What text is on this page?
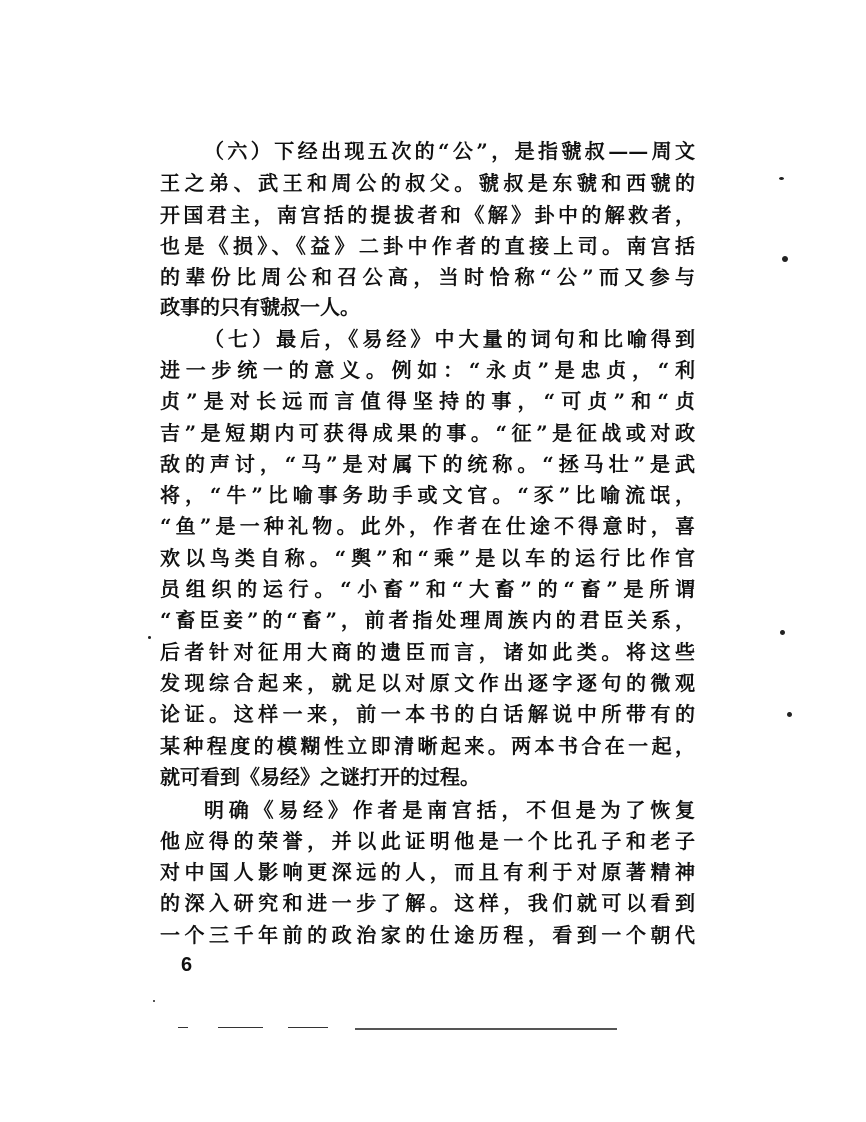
（六）下经出现五次的“公”，是指虢叔——周文
王之弟、武王和周公的叔父。虢叔是东虢和西虢的
开国君主，南宫括的提拔者和《解》卦中的解救者，
也是《损》、《益》二卦中作者的直接上司。南宫括
的辈份比周公和召公高，当时恰称“公”而又参与
政事的只有虢叔一人。
（七）最后，《易经》中大量的词句和比喻得到
进一步统一的意义。例如：“永贞”是忠贞，“利
贞”是对长远而言值得坚持的事，“可贞”和“贞
吉”是短期内可获得成果的事。“征”是征战或对政
敌的声讨，“马”是对属下的统称。“拯马壮”是武
将，“牛”比喻事务助手或文官。“豕”比喻流氓，
“鱼”是一种礼物。此外，作者在仕途不得意时，喜
欢以鸟类自称。“舆”和“乘”是以车的运行比作官
员组织的运行。“小畜”和“大畜”的“畜”是所谓
“畜臣妾”的“畜”，前者指处理周族内的君臣关系，
后者针对征用大商的遗臣而言，诸如此类。将这些
发现综合起来，就足以对原文作出逐字逐句的微观
论证。这样一来，前一本书的白话解说中所带有的
某种程度的模糊性立即清晰起来。两本书合在一起，
就可看到《易经》之谜打开的过程。
明确《易经》作者是南宫括，不但是为了恢复
他应得的荣誉，并以此证明他是一个比孔子和老子
对中国人影响更深远的人，而且有利于对原著精神
的深入研究和进一步了解。这样，我们就可以看到
一个三千年前的政治家的仕途历程，看到一个朝代
6
